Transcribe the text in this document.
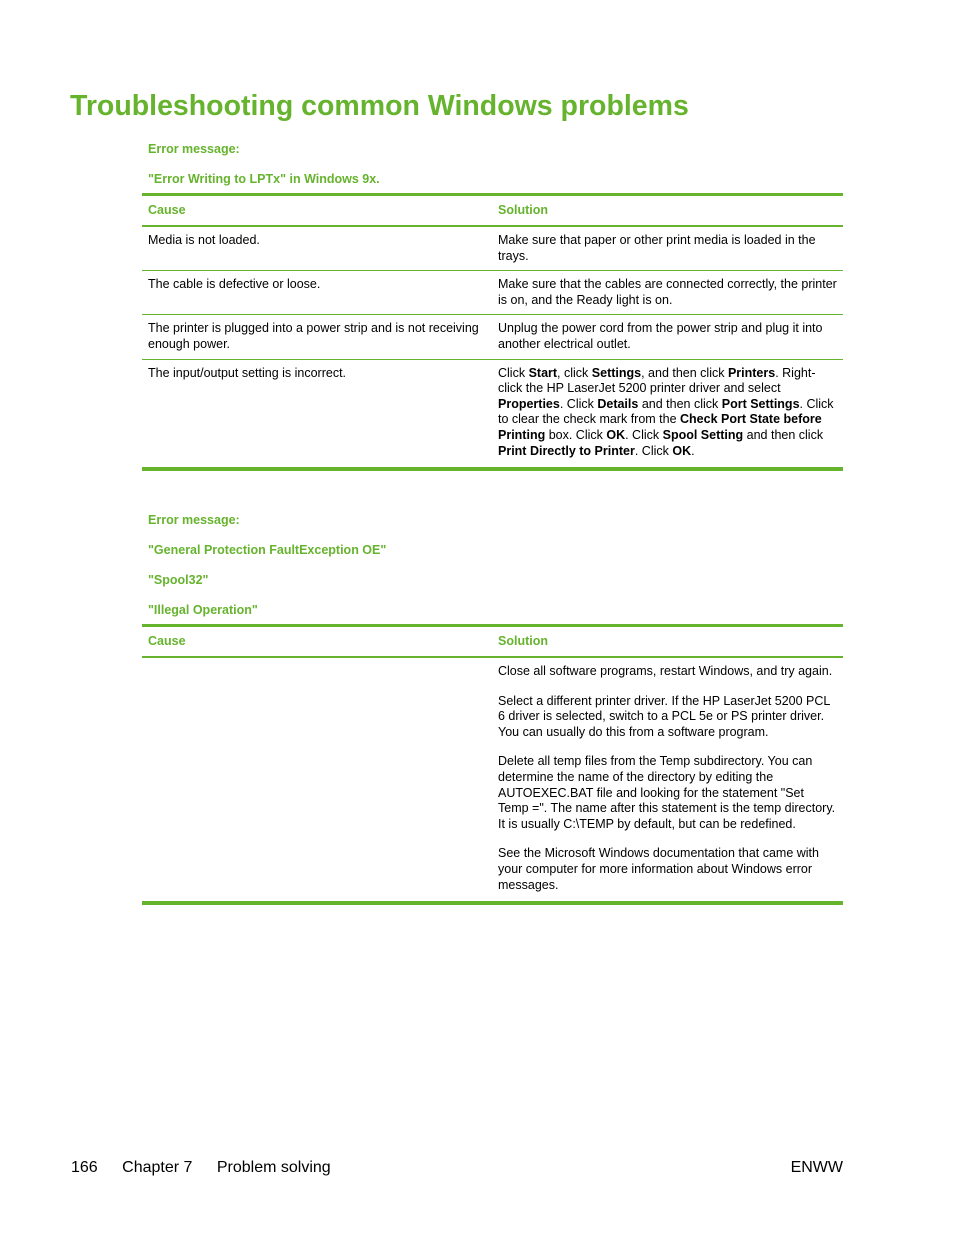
Troubleshooting common Windows problems

Error message:

"Error Writing to LPTx" in Windows 9x.

Cause	Solution
Media is not loaded.	Make sure that paper or other print media is loaded in the trays.
The cable is defective or loose.	Make sure that the cables are connected correctly, the printer is on, and the Ready light is on.
The printer is plugged into a power strip and is not receiving enough power.	Unplug the power cord from the power strip and plug it into another electrical outlet.
The input/output setting is incorrect.	Click Start, click Settings, and then click Printers. Right-click the HP LaserJet 5200 printer driver and select Properties. Click Details and then click Port Settings. Click to clear the check mark from the Check Port State before Printing box. Click OK. Click Spool Setting and then click Print Directly to Printer. Click OK.

Error message:

"General Protection FaultException OE"

"Spool32"

"Illegal Operation"

Cause	Solution

	Close all software programs, restart Windows, and try again.

Select a different printer driver. If the HP LaserJet 5200 PCL 6 driver is selected, switch to a PCL 5e or PS printer driver. You can usually do this from a software program.

Delete all temp files from the Temp subdirectory. You can determine the name of the directory by editing the AUTOEXEC.BAT file and looking for the statement "Set Temp =". The name after this statement is the temp directory. It is usually C:\TEMP by default, but can be redefined.

See the Microsoft Windows documentation that came with your computer for more information about Windows error messages.

166 Chapter 7 Problem solving	ENWW
